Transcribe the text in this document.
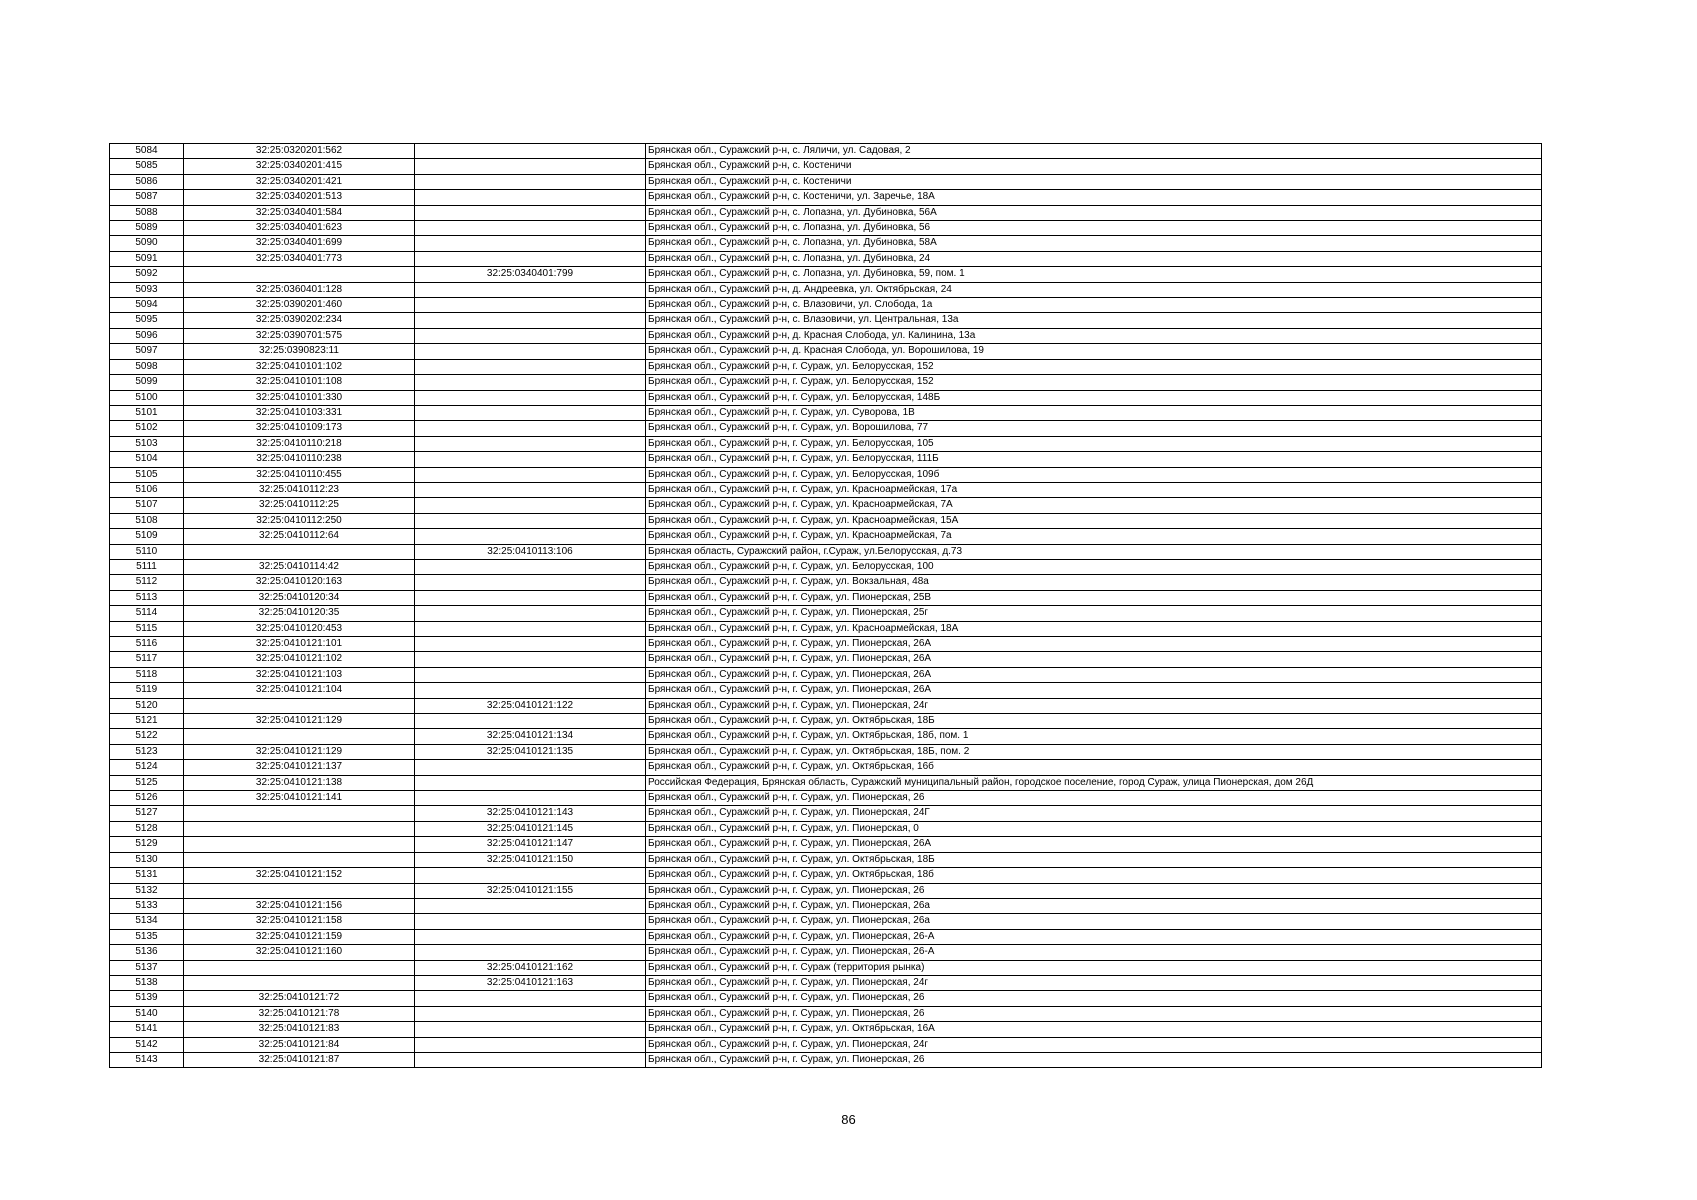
5084	32:25:0320201:562		Брянская обл., Суражский р-н, с. Ляличи, ул. Садовая, 2
5085	32:25:0340201:415		Брянская обл., Суражский р-н, с. Костеничи
5086	32:25:0340201:421		Брянская обл., Суражский р-н, с. Костеничи
5087	32:25:0340201:513		Брянская обл., Суражский р-н, с. Костеничи, ул. Заречье, 18А
5088	32:25:0340401:584		Брянская обл., Суражский р-н, с. Лопазна, ул. Дубиновка, 56А
5089	32:25:0340401:623		Брянская обл., Суражский р-н, с. Лопазна, ул. Дубиновка, 56
5090	32:25:0340401:699		Брянская обл., Суражский р-н, с. Лопазна, ул. Дубиновка, 58А
5091	32:25:0340401:773		Брянская обл., Суражский р-н, с. Лопазна, ул. Дубиновка, 24
5092		32:25:0340401:799	Брянская обл., Суражский р-н, с. Лопазна, ул. Дубиновка, 59, пом. 1
5093	32:25:0360401:128		Брянская обл., Суражский р-н, д. Андреевка, ул. Октябрьская, 24
5094	32:25:0390201:460		Брянская обл., Суражский р-н, с. Влазовичи, ул. Слобода, 1а
5095	32:25:0390202:234		Брянская обл., Суражский р-н, с. Влазовичи, ул. Центральная, 13а
5096	32:25:0390701:575		Брянская обл., Суражский р-н, д. Красная Слобода, ул. Калинина, 13а
5097	32:25:0390823:11		Брянская обл., Суражский р-н, д. Красная Слобода, ул. Ворошилова, 19
5098	32:25:0410101:102		Брянская обл., Суражский р-н, г. Сураж, ул. Белорусская, 152
5099	32:25:0410101:108		Брянская обл., Суражский р-н, г. Сураж, ул. Белорусская, 152
5100	32:25:0410101:330		Брянская обл., Суражский р-н, г. Сураж, ул. Белорусская, 148Б
5101	32:25:0410103:331		Брянская обл., Суражский р-н, г. Сураж, ул. Суворова, 1В
5102	32:25:0410109:173		Брянская обл., Суражский р-н, г. Сураж, ул. Ворошилова, 77
5103	32:25:0410110:218		Брянская обл., Суражский р-н, г. Сураж, ул. Белорусская, 105
5104	32:25:0410110:238		Брянская обл., Суражский р-н, г. Сураж, ул. Белорусская, 111Б
5105	32:25:0410110:455		Брянская обл., Суражский р-н, г. Сураж, ул. Белорусская, 109б
5106	32:25:0410112:23		Брянская обл., Суражский р-н, г. Сураж, ул. Красноармейская, 17а
5107	32:25:0410112:25		Брянская обл., Суражский р-н, г. Сураж, ул. Красноармейская, 7А
5108	32:25:0410112:250		Брянская обл., Суражский р-н, г. Сураж, ул. Красноармейская, 15А
5109	32:25:0410112:64		Брянская обл., Суражский р-н, г. Сураж, ул. Красноармейская, 7а
5110		32:25:0410113:106	Брянская область, Суражский район, г.Сураж, ул.Белорусская, д.73
5111	32:25:0410114:42		Брянская обл., Суражский р-н, г. Сураж, ул. Белорусская, 100
5112	32:25:0410120:163		Брянская обл., Суражский р-н, г. Сураж, ул. Вокзальная, 48а
5113	32:25:0410120:34		Брянская обл., Суражский р-н, г. Сураж, ул. Пионерская, 25В
5114	32:25:0410120:35		Брянская обл., Суражский р-н, г. Сураж, ул. Пионерская, 25г
5115	32:25:0410120:453		Брянская обл., Суражский р-н, г. Сураж, ул. Красноармейская, 18А
5116	32:25:0410121:101		Брянская обл., Суражский р-н, г. Сураж, ул. Пионерская, 26А
5117	32:25:0410121:102		Брянская обл., Суражский р-н, г. Сураж, ул. Пионерская, 26А
5118	32:25:0410121:103		Брянская обл., Суражский р-н, г. Сураж, ул. Пионерская, 26А
5119	32:25:0410121:104		Брянская обл., Суражский р-н, г. Сураж, ул. Пионерская, 26А
5120		32:25:0410121:122	Брянская обл., Суражский р-н, г. Сураж, ул. Пионерская, 24г
5121	32:25:0410121:129		Брянская обл., Суражский р-н, г. Сураж, ул. Октябрьская, 18Б
5122		32:25:0410121:134	Брянская обл., Суражский р-н, г. Сураж, ул. Октябрьская, 18б, пом. 1
5123	32:25:0410121:129	32:25:0410121:135	Брянская обл., Суражский р-н, г. Сураж, ул. Октябрьская, 18Б, пом. 2
5124	32:25:0410121:137		Брянская обл., Суражский р-н, г. Сураж, ул. Октябрьская, 16б
5125	32:25:0410121:138		Российская Федерация, Брянская область, Суражский муниципальный район, городское поселение, город Сураж, улица Пионерская, дом 26Д
5126	32:25:0410121:141		Брянская обл., Суражский р-н, г. Сураж, ул. Пионерская, 26
5127		32:25:0410121:143	Брянская обл., Суражский р-н, г. Сураж, ул. Пионерская, 24Г
5128		32:25:0410121:145	Брянская обл., Суражский р-н, г. Сураж, ул. Пионерская, 0
5129		32:25:0410121:147	Брянская обл., Суражский р-н, г. Сураж, ул. Пионерская, 26А
5130		32:25:0410121:150	Брянская обл., Суражский р-н, г. Сураж, ул. Октябрьская, 18Б
5131	32:25:0410121:152		Брянская обл., Суражский р-н, г. Сураж, ул. Октябрьская, 18б
5132		32:25:0410121:155	Брянская обл., Суражский р-н, г. Сураж, ул. Пионерская, 26
5133	32:25:0410121:156		Брянская обл., Суражский р-н, г. Сураж, ул. Пионерская, 26а
5134	32:25:0410121:158		Брянская обл., Суражский р-н, г. Сураж, ул. Пионерская, 26а
5135	32:25:0410121:159		Брянская обл., Суражский р-н, г. Сураж, ул. Пионерская, 26-А
5136	32:25:0410121:160		Брянская обл., Суражский р-н, г. Сураж, ул. Пионерская, 26-А
5137		32:25:0410121:162	Брянская обл., Суражский р-н, г. Сураж (территория рынка)
5138		32:25:0410121:163	Брянская обл., Суражский р-н, г. Сураж, ул. Пионерская, 24г
5139	32:25:0410121:72		Брянская обл., Суражский р-н, г. Сураж, ул. Пионерская, 26
5140	32:25:0410121:78		Брянская обл., Суражский р-н, г. Сураж, ул. Пионерская, 26
5141	32:25:0410121:83		Брянская обл., Суражский р-н, г. Сураж, ул. Октябрьская, 16А
5142	32:25:0410121:84		Брянская обл., Суражский р-н, г. Сураж, ул. Пионерская, 24г
5143	32:25:0410121:87		Брянская обл., Суражский р-н, г. Сураж, ул. Пионерская, 26
86
